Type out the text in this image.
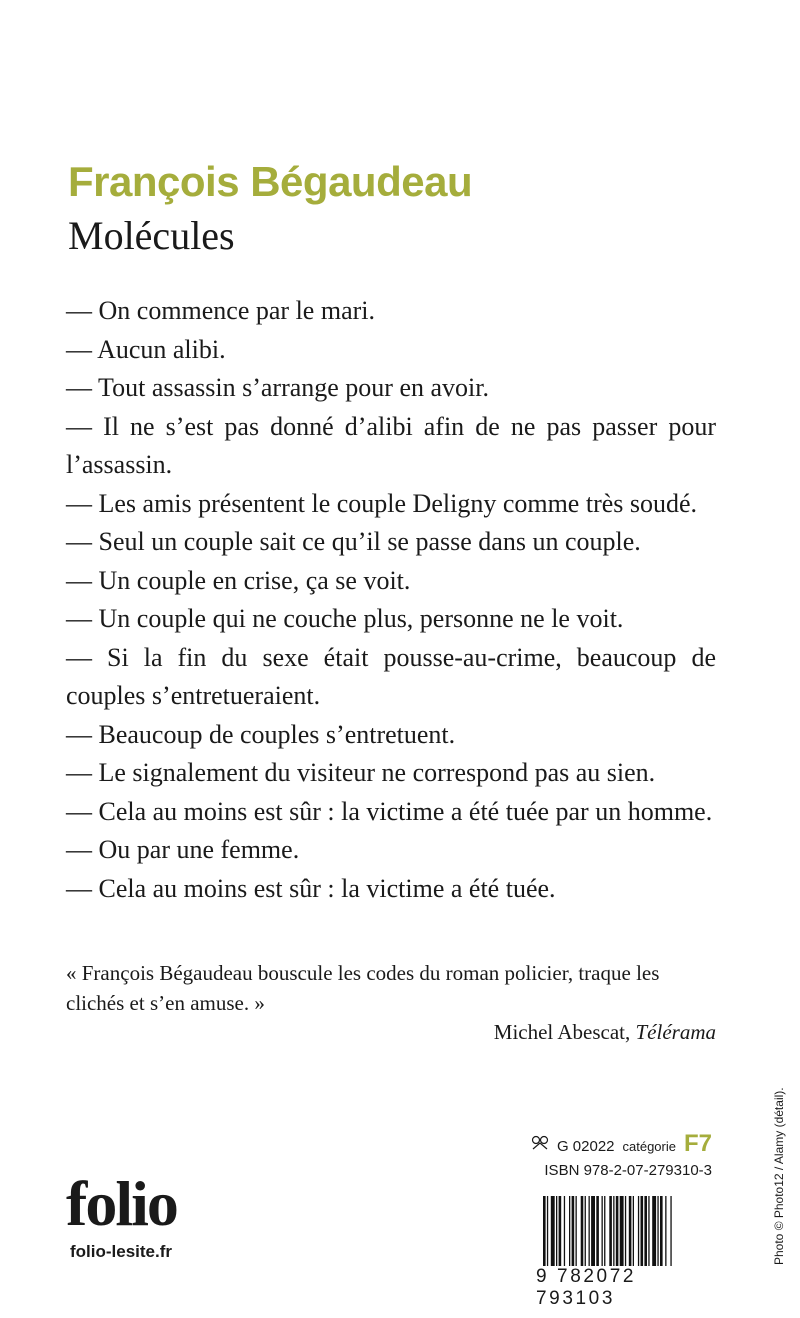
François Bégaudeau
Molécules
— On commence par le mari.
— Aucun alibi.
— Tout assassin s’arrange pour en avoir.
— Il ne s’est pas donné d’alibi afin de ne pas passer pour
l’assassin.
— Les amis présentent le couple Deligny comme très soudé.
— Seul un couple sait ce qu’il se passe dans un couple.
— Un couple en crise, ça se voit.
— Un couple qui ne couche plus, personne ne le voit.
— Si la fin du sexe était pousse-au-crime, beaucoup de
couples s’entretueraient.
— Beaucoup de couples s’entretuent.
— Le signalement du visiteur ne correspond pas au sien.
— Cela au moins est sûr : la victime a été tuée par un homme.
— Ou par une femme.
— Cela au moins est sûr : la victime a été tuée.
« François Bégaudeau bouscule les codes du roman policier, traque les clichés et s’en amuse. »
Michel Abescat, Télérama
folio
folio-lesite.fr
G 02022 catégorie F7
ISBN 978-2-07-279310-3
9 782072 793103
Photo © Photo12 / Alamy (détail).
